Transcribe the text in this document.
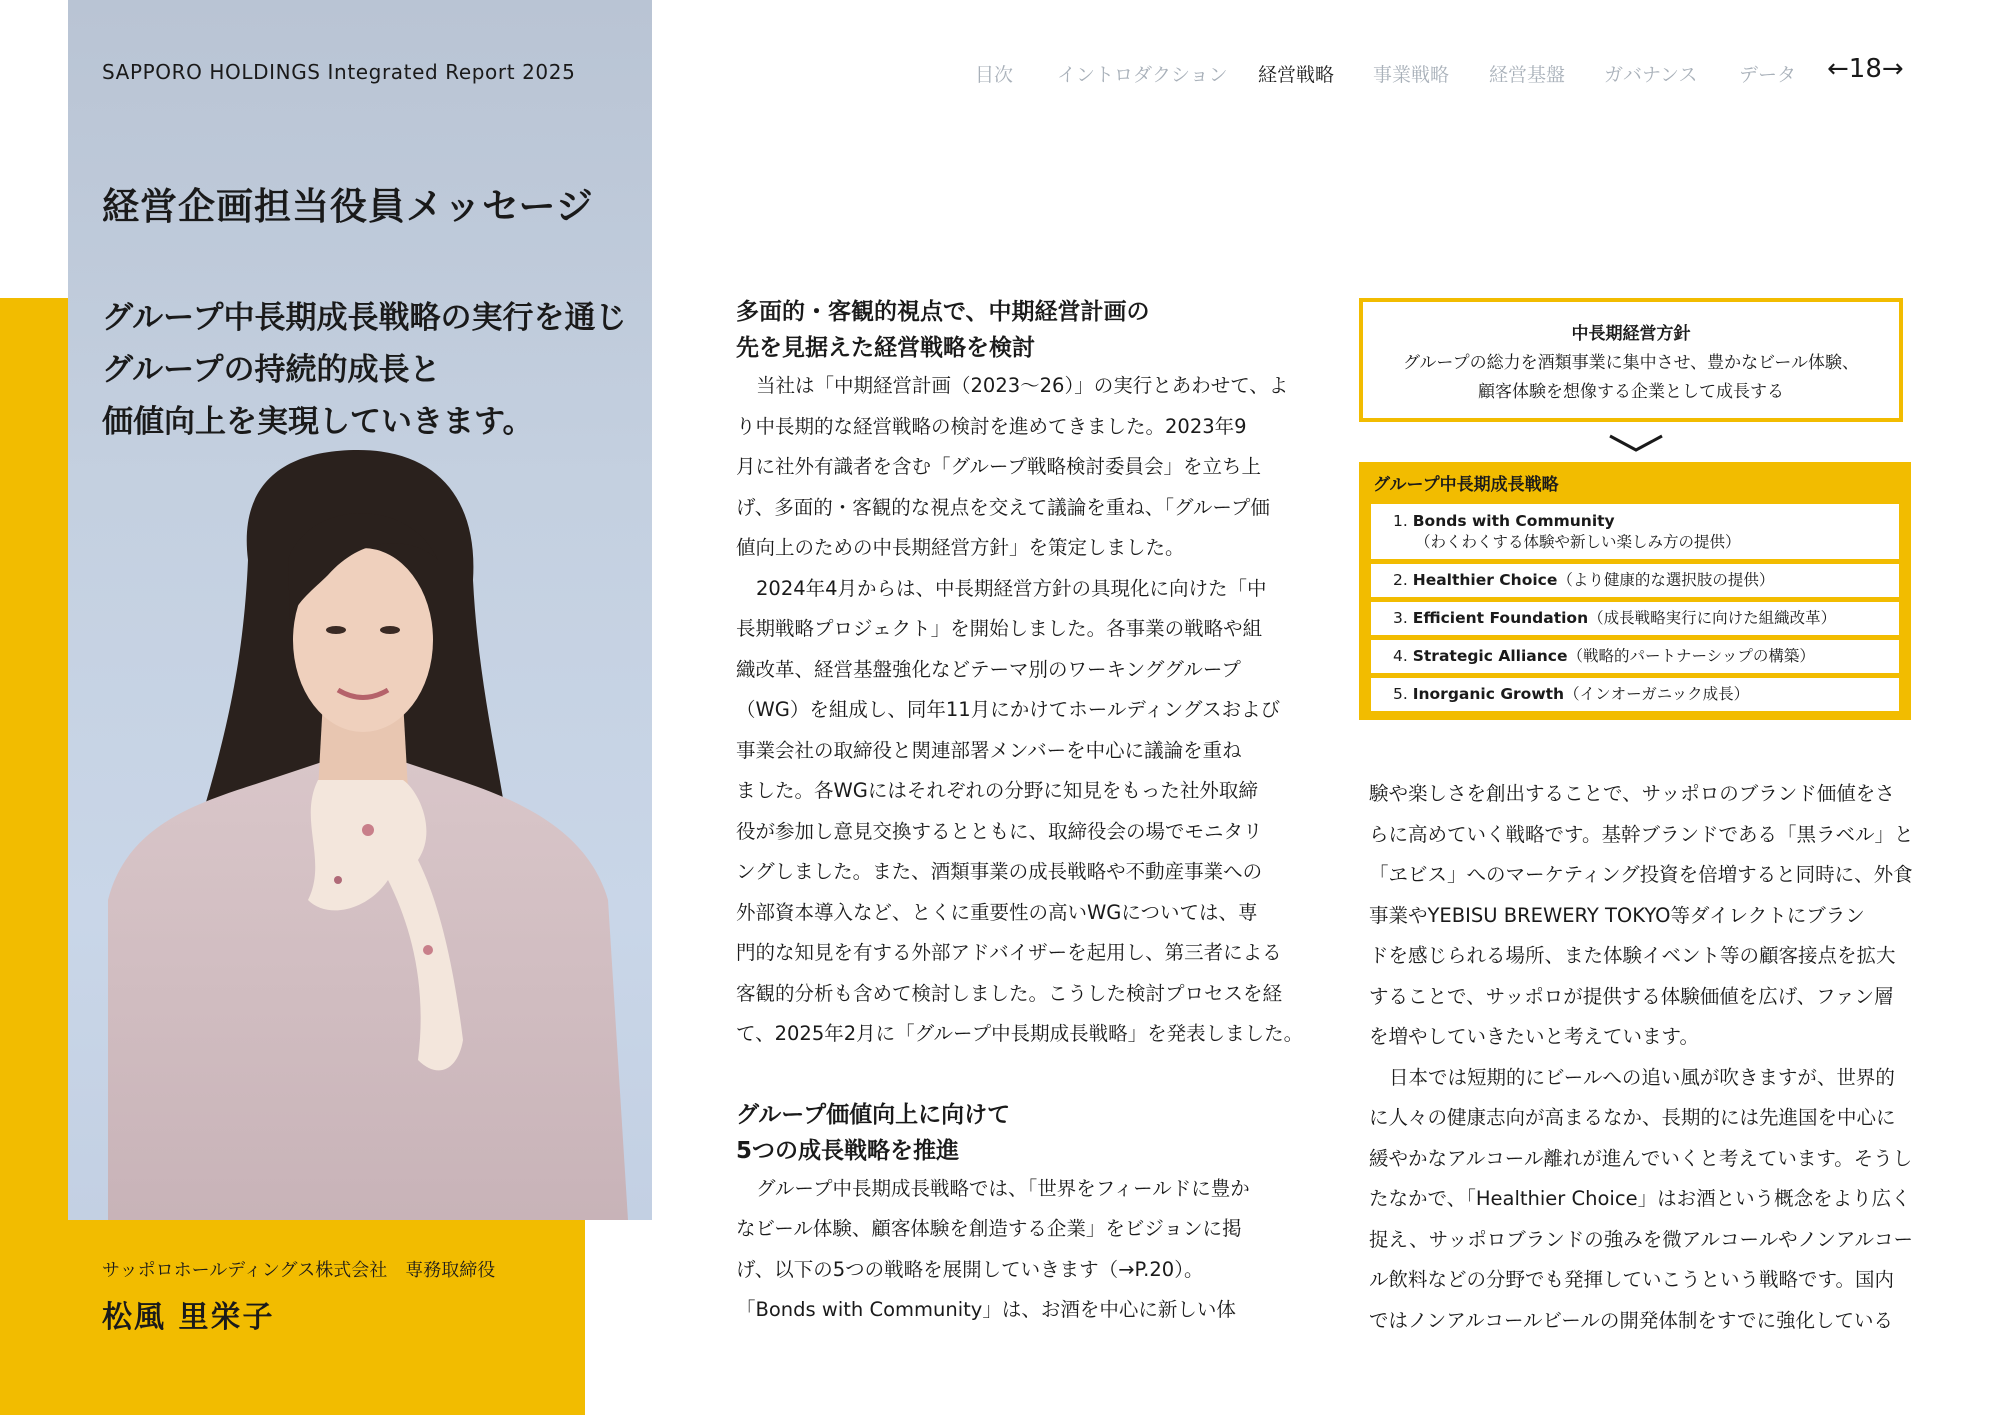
SAPPORO HOLDINGS Integrated Report 2025
経営企画担当役員メッセージ
グループ中長期成長戦略の実行を通じ
グループの持続的成長と
価値向上を実現していきます。
サッポロホールディングス株式会社　専務取締役
松風 里栄子
目次 イントロダクション 経営戦略 事業戦略 経営基盤 ガバナンス データ ←18→
多面的・客観的視点で、中期経営計画の
先を見据えた経営戦略を検討
当社は「中期経営計画（2023〜26）」の実行とあわせて、よ
り中長期的な経営戦略の検討を進めてきました。2023年9
月に社外有識者を含む「グループ戦略検討委員会」を立ち上
げ、多面的・客観的な視点を交えて議論を重ね、「グループ価
値向上のための中長期経営方針」を策定しました。
2024年4月からは、中長期経営方針の具現化に向けた「中
長期戦略プロジェクト」を開始しました。各事業の戦略や組
織改革、経営基盤強化などテーマ別のワーキンググループ
（WG）を組成し、同年11月にかけてホールディングスおよび
事業会社の取締役と関連部署メンバーを中心に議論を重ね
ました。各WGにはそれぞれの分野に知見をもった社外取締
役が参加し意見交換するとともに、取締役会の場でモニタリ
ングしました。また、酒類事業の成長戦略や不動産事業への
外部資本導入など、とくに重要性の高いWGについては、専
門的な知見を有する外部アドバイザーを起用し、第三者による
客観的分析も含めて検討しました。こうした検討プロセスを経
て、2025年2月に「グループ中長期成長戦略」を発表しました。
グループ価値向上に向けて
5つの成長戦略を推進
グループ中長期成長戦略では、「世界をフィールドに豊か
なビール体験、顧客体験を創造する企業」をビジョンに掲
げ、以下の5つの戦略を展開していきます（→P.20）。
「Bonds with Community」は、お酒を中心に新しい体
中長期経営方針
グループの総力を酒類事業に集中させ、豊かなビール体験、
顧客体験を想像する企業として成長する
グループ中長期成長戦略
1. Bonds with Community
（わくわくする体験や新しい楽しみ方の提供）
2. Healthier Choice（より健康的な選択肢の提供）
3. Efficient Foundation（成長戦略実行に向けた組織改革）
4. Strategic Alliance（戦略的パートナーシップの構築）
5. Inorganic Growth（インオーガニック成長）
験や楽しさを創出することで、サッポロのブランド価値をさ
らに高めていく戦略です。基幹ブランドである「黒ラベル」と
「ヱビス」へのマーケティング投資を倍増すると同時に、外食
事業やYEBISU BREWERY TOKYO等ダイレクトにブラン
ドを感じられる場所、また体験イベント等の顧客接点を拡大
することで、サッポロが提供する体験価値を広げ、ファン層
を増やしていきたいと考えています。
日本では短期的にビールへの追い風が吹きますが、世界的
に人々の健康志向が高まるなか、長期的には先進国を中心に
緩やかなアルコール離れが進んでいくと考えています。そうし
たなかで、「Healthier Choice」はお酒という概念をより広く
捉え、サッポロブランドの強みを微アルコールやノンアルコー
ル飲料などの分野でも発揮していこうという戦略です。国内
ではノンアルコールビールの開発体制をすでに強化している
